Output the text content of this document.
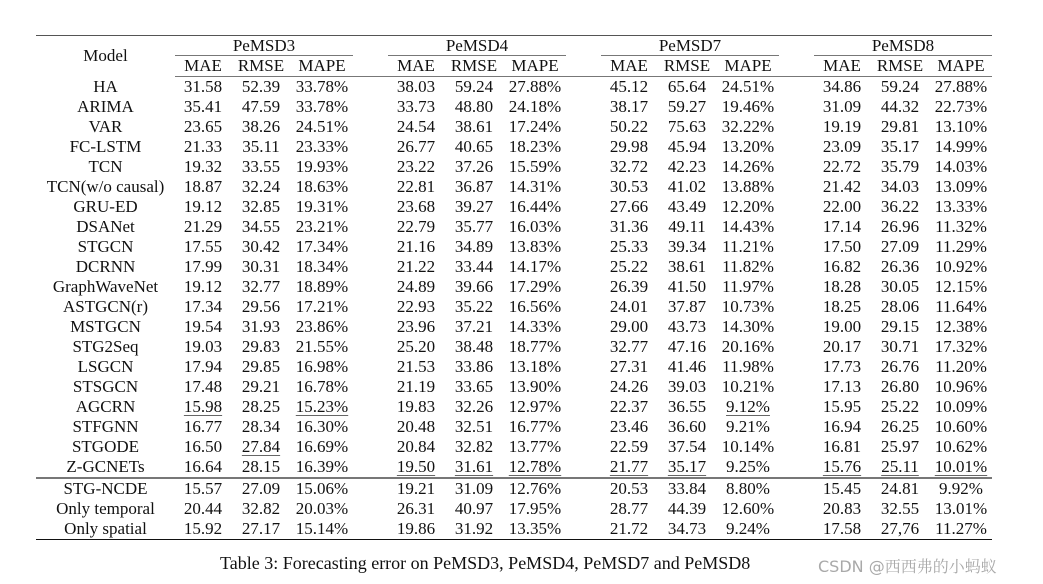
Model	PeMSD3				PeMSD4				PeMSD7				PeMSD8		

	MAE	RMSE	MAPE		MAE	RMSE	MAPE		MAE	RMSE	MAPE		MAE	RMSE	MAPE
HA	31.58	52.39	33.78%		38.03	59.24	27.88%		45.12	65.64	24.51%		34.86	59.24	27.88%
ARIMA	35.41	47.59	33.78%		33.73	48.80	24.18%		38.17	59.27	19.46%		31.09	44.32	22.73%
VAR	23.65	38.26	24.51%		24.54	38.61	17.24%		50.22	75.63	32.22%		19.19	29.81	13.10%
FC-LSTM	21.33	35.11	23.33%		26.77	40.65	18.23%		29.98	45.94	13.20%		23.09	35.17	14.99%
TCN	19.32	33.55	19.93%		23.22	37.26	15.59%		32.72	42.23	14.26%		22.72	35.79	14.03%
TCN(w/o causal)	18.87	32.24	18.63%		22.81	36.87	14.31%		30.53	41.02	13.88%		21.42	34.03	13.09%
GRU-ED	19.12	32.85	19.31%		23.68	39.27	16.44%		27.66	43.49	12.20%		22.00	36.22	13.33%
DSANet	21.29	34.55	23.21%		22.79	35.77	16.03%		31.36	49.11	14.43%		17.14	26.96	11.32%
STGCN	17.55	30.42	17.34%		21.16	34.89	13.83%		25.33	39.34	11.21%		17.50	27.09	11.29%
DCRNN	17.99	30.31	18.34%		21.22	33.44	14.17%		25.22	38.61	11.82%		16.82	26.36	10.92%
GraphWaveNet	19.12	32.77	18.89%		24.89	39.66	17.29%		26.39	41.50	11.97%		18.28	30.05	12.15%
ASTGCN(r)	17.34	29.56	17.21%		22.93	35.22	16.56%		24.01	37.87	10.73%		18.25	28.06	11.64%
MSTGCN	19.54	31.93	23.86%		23.96	37.21	14.33%		29.00	43.73	14.30%		19.00	29.15	12.38%
STG2Seq	19.03	29.83	21.55%		25.20	38.48	18.77%		32.77	47.16	20.16%		20.17	30.71	17.32%
LSGCN	17.94	29.85	16.98%		21.53	33.86	13.18%		27.31	41.46	11.98%		17.73	26.76	11.20%
STSGCN	17.48	29.21	16.78%		21.19	33.65	13.90%		24.26	39.03	10.21%		17.13	26.80	10.96%
AGCRN	15.98	28.25	15.23%		19.83	32.26	12.97%		22.37	36.55	9.12%		15.95	25.22	10.09%
STFGNN	16.77	28.34	16.30%		20.48	32.51	16.77%		23.46	36.60	9.21%		16.94	26.25	10.60%
STGODE	16.50	27.84	16.69%		20.84	32.82	13.77%		22.59	37.54	10.14%		16.81	25.97	10.62%
Z-GCNETs	16.64	28.15	16.39%		19.50	31.61	12.78%		21.77	35.17	9.25%		15.76	25.11	10.01%
STG-NCDE	15.57	27.09	15.06%		19.21	31.09	12.76%		20.53	33.84	8.80%		15.45	24.81	9.92%
Only temporal	20.44	32.82	20.03%		26.31	40.97	17.95%		28.77	44.39	12.60%		20.83	32.55	13.01%
Only spatial	15.92	27.17	15.14%		19.86	31.92	13.35%		21.72	34.73	9.24%		17.58	27,76	11.27%
Table 3: Forecasting error on PeMSD3, PeMSD4, PeMSD7 and PeMSD8	CSDN @西西弗的小蚂蚁
